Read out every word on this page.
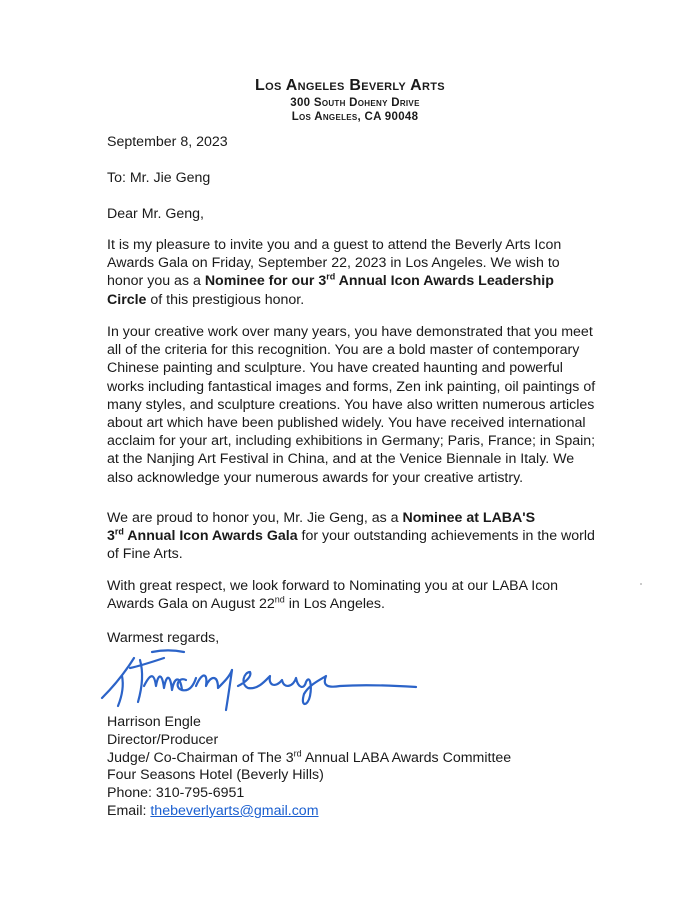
Los Angeles Beverly Arts
300 South Doheny Drive
Los Angeles, CA 90048
September 8, 2023
To: Mr. Jie Geng
Dear Mr. Geng,
It is my pleasure to invite you and a guest to attend the Beverly Arts Icon Awards Gala on Friday, September 22, 2023 in Los Angeles. We wish to honor you as a Nominee for our 3rd Annual Icon Awards Leadership Circle of this prestigious honor.
In your creative work over many years, you have demonstrated that you meet all of the criteria for this recognition. You are a bold master of contemporary Chinese painting and sculpture. You have created haunting and powerful works including fantastical images and forms, Zen ink painting, oil paintings of many styles, and sculpture creations. You have also written numerous articles about art which have been published widely. You have received international acclaim for your art, including exhibitions in Germany; Paris, France; in Spain; at the Nanjing Art Festival in China, and at the Venice Biennale in Italy. We also acknowledge your numerous awards for your creative artistry.
We are proud to honor you, Mr. Jie Geng, as a Nominee at LABA'S
3rd Annual Icon Awards Gala for your outstanding achievements in the world of Fine Arts.
With great respect, we look forward to Nominating you at our LABA Icon Awards Gala on August 22nd in Los Angeles.
Warmest regards,
Harrison Engle
Director/Producer
Judge/ Co-Chairman of The 3rd Annual LABA Awards Committee
Four Seasons Hotel (Beverly Hills)
Phone: 310-795-6951
Email: thebeverlyarts@gmail.com
